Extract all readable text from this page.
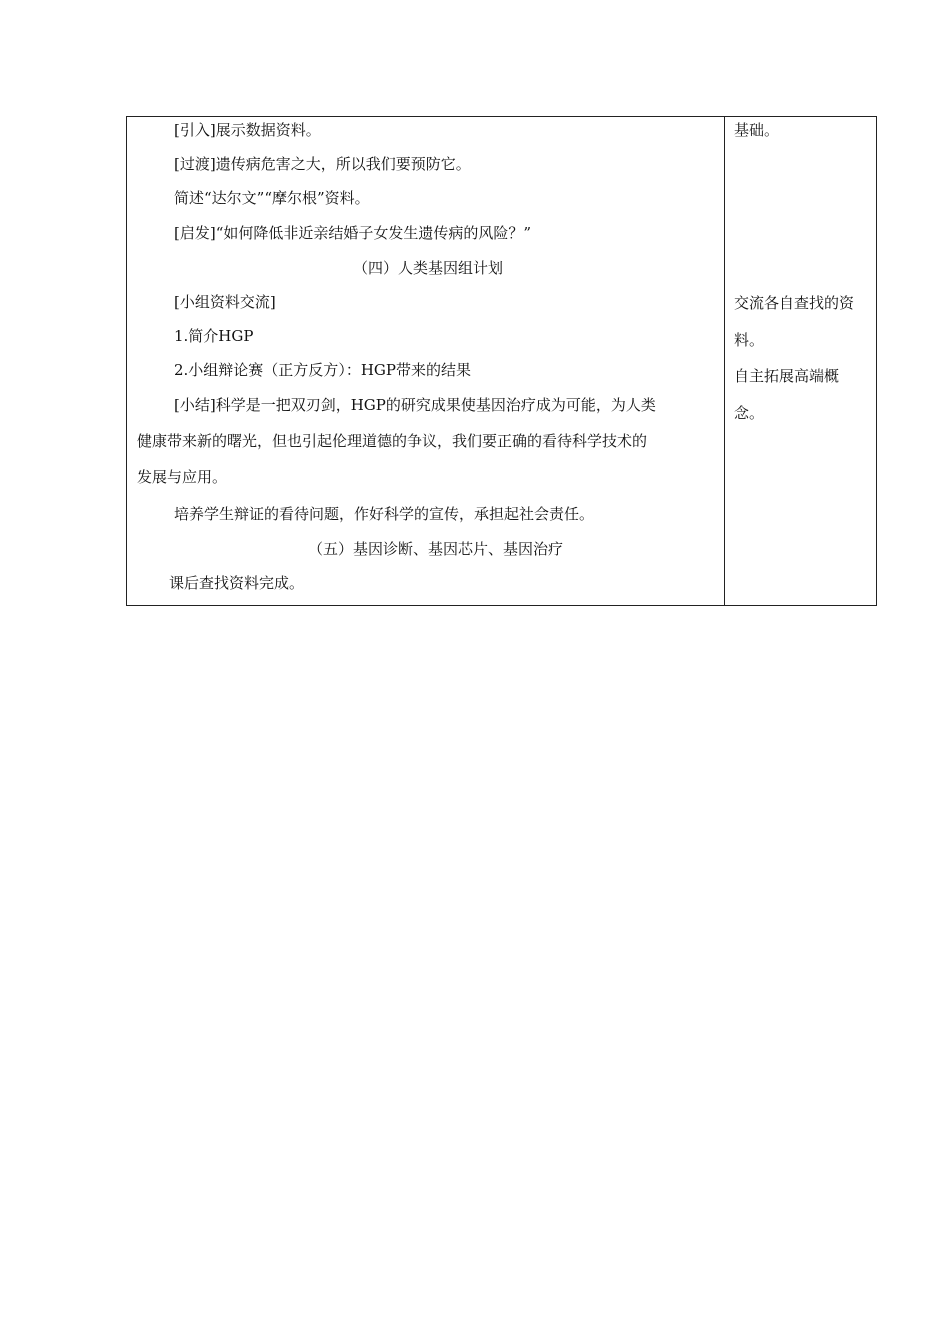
[引入]展示数据资料。
[过渡]遗传病危害之大，所以我们要预防它。
简述“达尔文”“摩尔根”资料。
[启发]“如何降低非近亲结婚子女发生遗传病的风险？”
（四）人类基因组计划
[小组资料交流]
1.简介HGP
2.小组辩论赛（正方反方）：HGP带来的结果
[小结]科学是一把双刃剑，HGP的研究成果使基因治疗成为可能，为人类
健康带来新的曙光，但也引起伦理道德的争议，我们要正确的看待科学技术的
发展与应用。
培养学生辩证的看待问题，作好科学的宣传，承担起社会责任。
（五）基因诊断、基因芯片、基因治疗
课后查找资料完成。
基础。
交流各自查找的资
料。
自主拓展高端概
念。
